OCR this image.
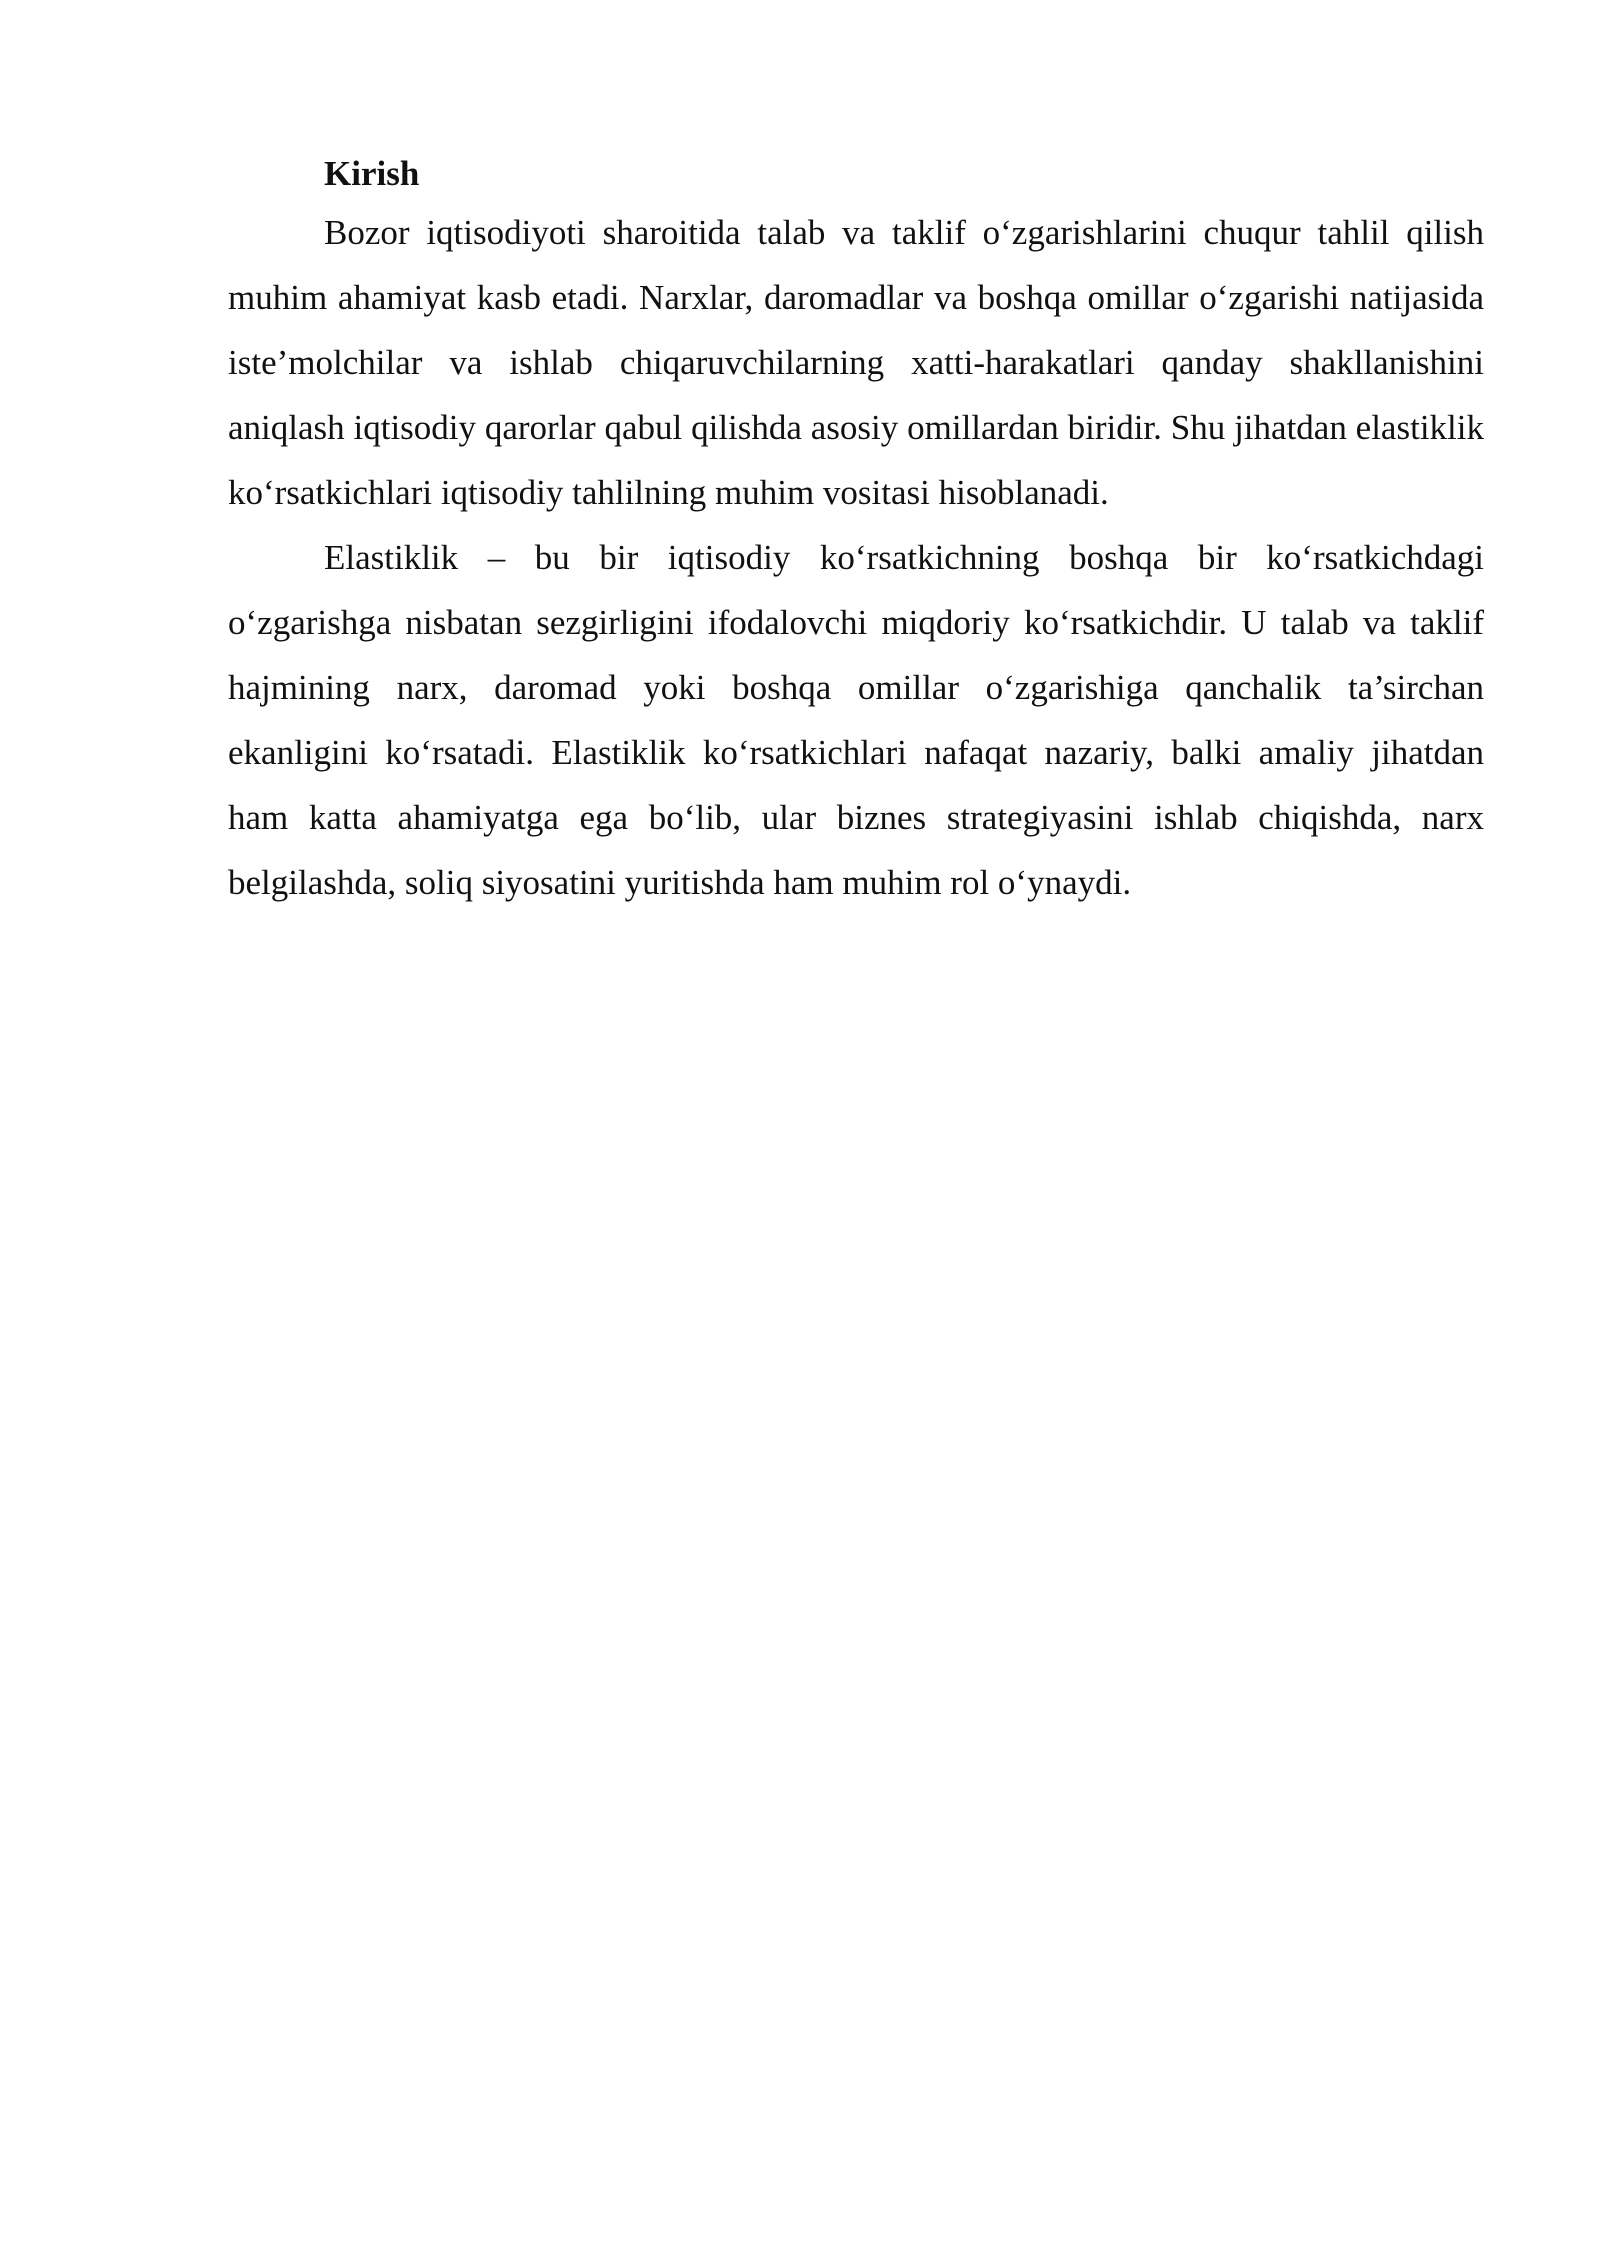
Kirish

Bozor iqtisodiyoti sharoitida talab va taklif o‘zgarishlarini chuqur tahlil qilish muhim ahamiyat kasb etadi. Narxlar, daromadlar va boshqa omillar o‘zgarishi natijasida iste’molchilar va ishlab chiqaruvchilarning xatti-harakatlari qanday shakllanishini aniqlash iqtisodiy qarorlar qabul qilishda asosiy omillardan biridir. Shu jihatdan elastiklik ko‘rsatkichlari iqtisodiy tahlilning muhim vositasi hisoblanadi.

Elastiklik – bu bir iqtisodiy ko‘rsatkichning boshqa bir ko‘rsatkichdagi o‘zgarishga nisbatan sezgirligini ifodalovchi miqdoriy ko‘rsatkichdir. U talab va taklif hajmining narx, daromad yoki boshqa omillar o‘zgarishiga qanchalik ta’sirchan ekanligini ko‘rsatadi. Elastiklik ko‘rsatkichlari nafaqat nazariy, balki amaliy jihatdan ham katta ahamiyatga ega bo‘lib, ular biznes strategiyasini ishlab chiqishda, narx belgilashda, soliq siyosatini yuritishda ham muhim rol o‘ynaydi.
